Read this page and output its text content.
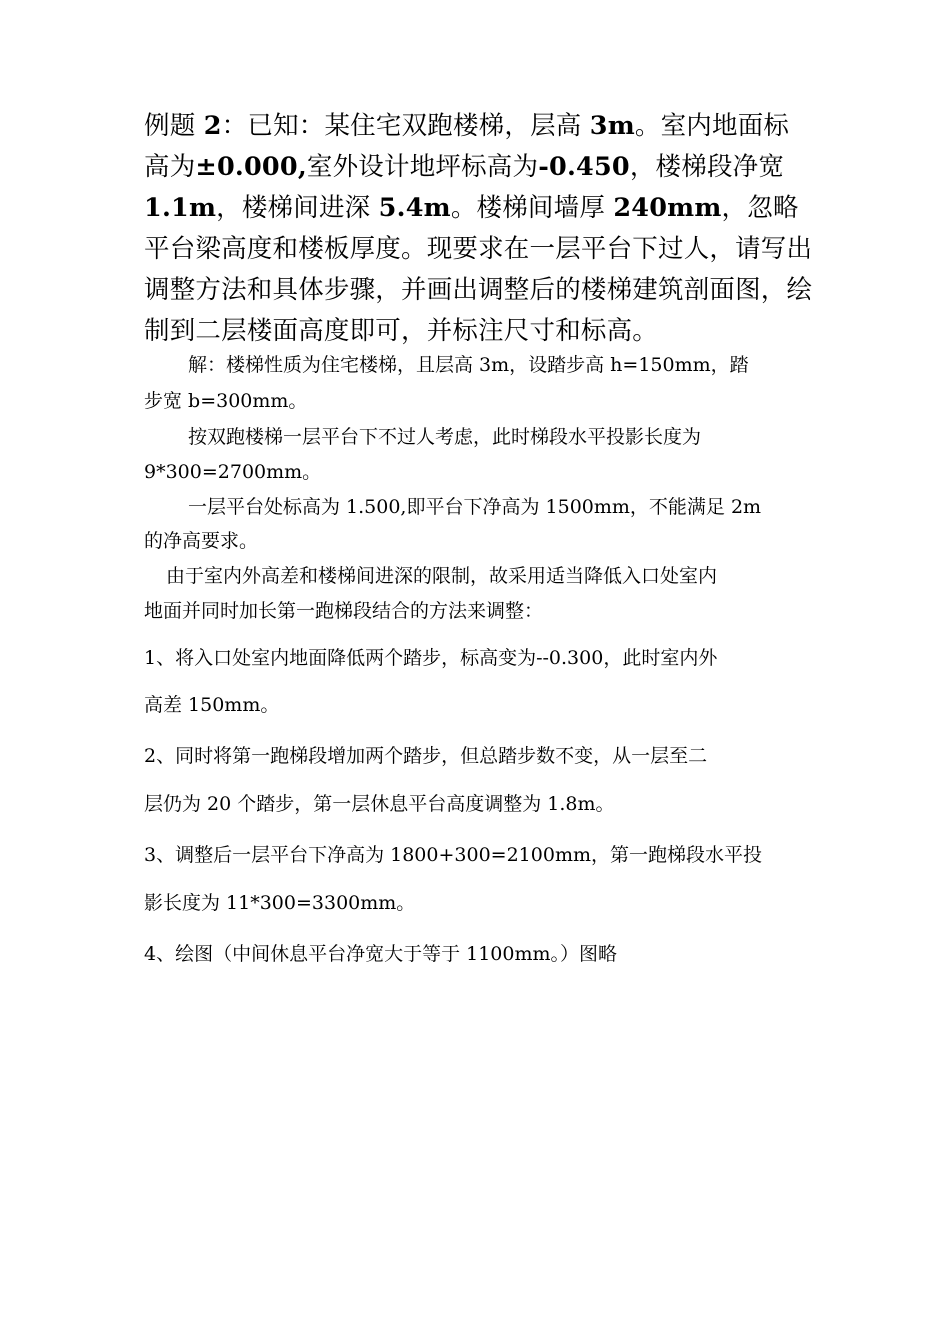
例题 2：已知：某住宅双跑楼梯，层高 3m。室内地面标高为±0.000,室外设计地坪标高为-0.450，楼梯段净宽 1.1m，楼梯间进深 5.4m。楼梯间墙厚 240mm，忽略平台梁高度和楼板厚度。现要求在一层平台下过人，请写出调整方法和具体步骤，并画出调整后的楼梯建筑剖面图，绘制到二层楼面高度即可，并标注尺寸和标高。
解：楼梯性质为住宅楼梯，且层高 3m，设踏步高 h=150mm，踏
步宽 b=300mm。
按双跑楼梯一层平台下不过人考虑，此时梯段水平投影长度为
9*300=2700mm。
一层平台处标高为 1.500,即平台下净高为 1500mm，不能满足 2m
的净高要求。
由于室内外高差和楼梯间进深的限制，故采用适当降低入口处室内
地面并同时加长第一跑梯段结合的方法来调整：
1、将入口处室内地面降低两个踏步，标高变为--0.300，此时室内外
高差 150mm。
2、同时将第一跑梯段增加两个踏步，但总踏步数不变，从一层至二
层仍为 20 个踏步，第一层休息平台高度调整为 1.8m。
3、调整后一层平台下净高为 1800+300=2100mm，第一跑梯段水平投
影长度为 11*300=3300mm。
4、绘图（中间休息平台净宽大于等于 1100mm。）图略
